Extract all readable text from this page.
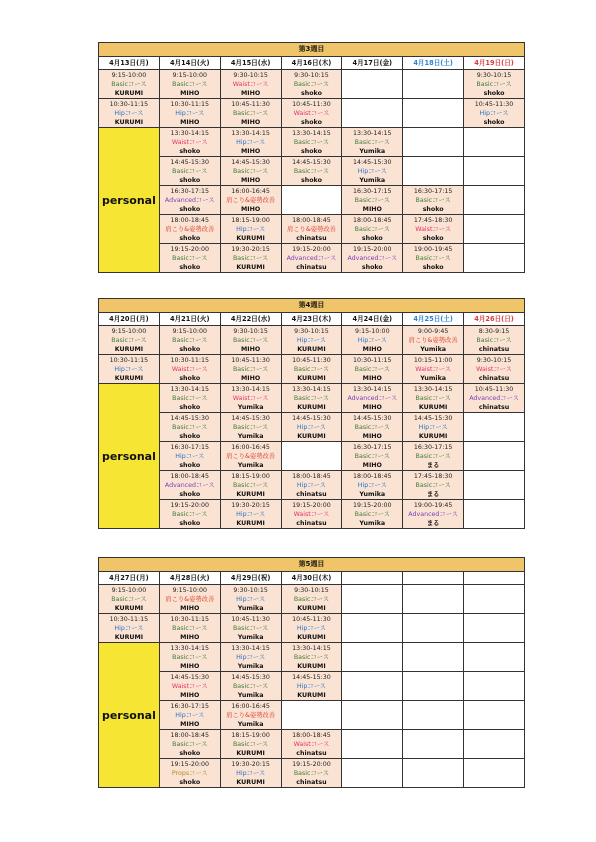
第3週目						
4月13日(月)	4月14日(火)	4月15日(水)	4月16日(木)	4月17日(金)	4月18日(土)	4月19日(日)

9:15-10:00
Basicコース
KURUMI	9:15-10:00
Basicコース
MIHO	9:30-10:15
Waistコース
MIHO	9:30-10:15
Basicコース
shoko			9:30-10:15
Basicコース
shoko

10:30-11:15
Hipコース
KURUMI	10:30-11:15
Hipコース
MIHO	10:45-11:30
Basicコース
MIHO	10:45-11:30
Waistコース
shoko			10:45-11:30
Hipコース
shoko

personal	13:30-14:15
Waistコース
shoko	13:30-14:15
Hipコース
MIHO	13:30-14:15
Basicコース
shoko	13:30-14:15
Basicコース
Yumika		

	14:45-15:30
Basicコース
shoko	14:45-15:30
Basicコース
MIHO	14:45-15:30
Basicコース
shoko	14:45-15:30
Hipコース
Yumika		

	16:30-17:15
Advancedコース
shoko	16:00-16:45
肩こり&姿勢改善
MIHO		16:30-17:15
Basicコース
MIHO	16:30-17:15
Basicコース
shoko	

	18:00-18:45
肩こり&姿勢改善
shoko	18:15-19:00
Hipコース
KURUMI	18:00-18:45
肩こり&姿勢改善
chinatsu	18:00-18:45
Basicコース
shoko	17:45-18:30
Waistコース
shoko	

	19:15-20:00
Basicコース
shoko	19:30-20:15
Basicコース
KURUMI	19:15-20:00
Advancedコース
chinatsu	19:15-20:00
Advancedコース
shoko	19:00-19:45
Basicコース
shoko	

第4週目						
4月20日(月)	4月21日(火)	4月22日(水)	4月23日(木)	4月24日(金)	4月25日(土)	4月26日(日)

9:15-10:00
Basicコース
KURUMI	9:15-10:00
Basicコース
shoko	9:30-10:15
Basicコース
MIHO	9:30-10:15
Hipコース
KURUMI	9:15-10:00
Hipコース
MIHO	9:00-9:45
肩こり&姿勢改善
Yumika	8:30-9:15
Basicコース
chinatsu

10:30-11:15
Hipコース
KURUMI	10:30-11:15
Waistコース
shoko	10:45-11:30
Basicコース
MIHO	10:45-11:30
Basicコース
KURUMI	10:30-11:15
Basicコース
MIHO	10:15-11:00
Waistコース
Yumika	9:30-10:15
Waistコース
chinatsu

personal	13:30-14:15
Basicコース
shoko	13:30-14:15
Waistコース
Yumika	13:30-14:15
Basicコース
KURUMI	13:30-14:15
Advancedコース
MIHO	13:30-14:15
Basicコース
KURUMI	10:45-11:30
Advancedコース
chinatsu

	14:45-15:30
Basicコース
shoko	14:45-15:30
Basicコース
Yumika	14:45-15:30
Hipコース
KURUMI	14:45-15:30
Basicコース
MIHO	14:45-15:30
Hipコース
KURUMI	

	16:30-17:15
Hipコース
shoko	16:00-16:45
肩こり&姿勢改善
Yumika		16:30-17:15
Basicコース
MIHO	16:30-17:15
Basicコース
まる	

	18:00-18:45
Advancedコース
shoko	18:15-19:00
Basicコース
KURUMI	18:00-18:45
Hipコース
chinatsu	18:00-18:45
Hipコース
Yumika	17:45-18:30
Basicコース
まる	

	19:15-20:00
Basicコース
shoko	19:30-20:15
Hipコース
KURUMI	19:15-20:00
Waistコース
chinatsu	19:15-20:00
Basicコース
Yumika	19:00-19:45
Advancedコース
まる	

第5週目						
4月27日(月)	4月28日(火)	4月29日(祝)	4月30日(木)			

9:15-10:00
Basicコース
KURUMI	9:15-10:00
肩こり&姿勢改善
MIHO	9:30-10:15
Hipコース
Yumika	9:30-10:15
Basicコース
KURUMI			

10:30-11:15
Hipコース
KURUMI	10:30-11:15
Basicコース
MIHO	10:45-11:30
Basicコース
Yumika	10:45-11:30
Hipコース
KURUMI			

personal	13:30-14:15
Basicコース
MIHO	13:30-14:15
Hipコース
Yumika	13:30-14:15
Basicコース
KURUMI			

	14:45-15:30
Waistコース
MIHO	14:45-15:30
Basicコース
Yumika	14:45-15:30
Hipコース
KURUMI			

	16:30-17:15
Hipコース
MIHO	16:00-16:45
肩こり&姿勢改善
Yumika				

	18:00-18:45
Basicコース
shoko	18:15-19:00
Basicコース
KURUMI	18:00-18:45
Waistコース
chinatsu			

	19:15-20:00
Propsコース
shoko	19:30-20:15
Hipコース
KURUMI	19:15-20:00
Basicコース
chinatsu			
